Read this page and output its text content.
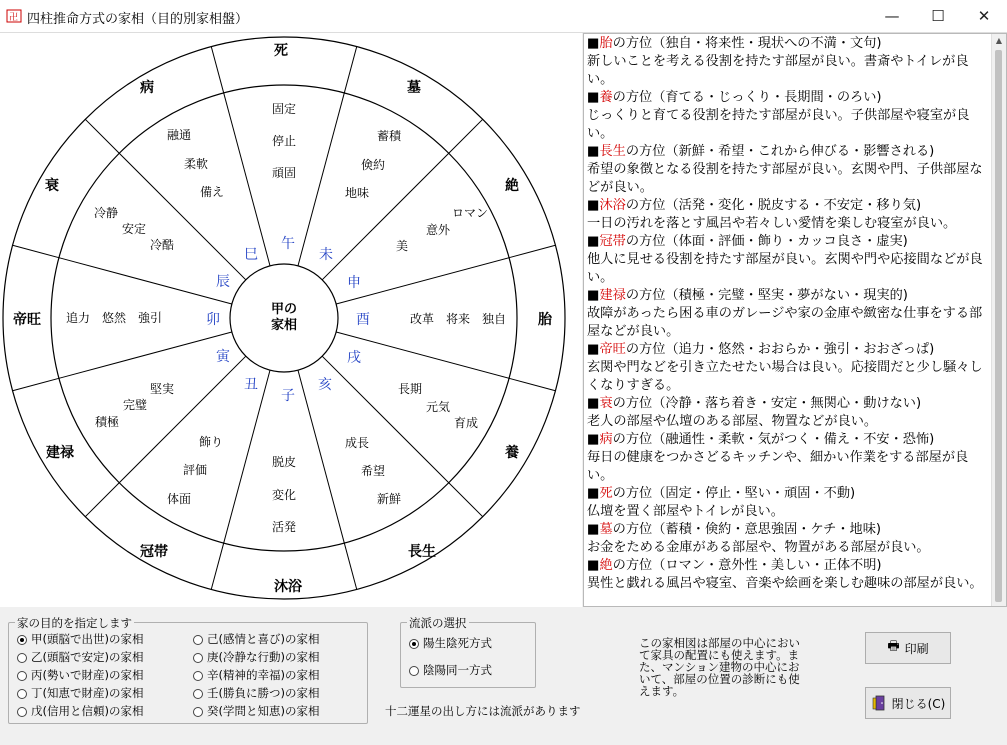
卍 四柱推命方式の家相（目的別家相盤）	—	☐	✕
甲の
家相
死
墓
絶
胎
養
長生
沐浴
冠帯
建禄
帝旺
衰
病
午
未
申
酉
戌
亥
子
丑
寅
卯
辰
巳
固定
停止
頑固
蓄積
倹約
地味
ロマン
意外
美
改革　将来　独自
長期
元気
育成
成長
希望
新鮮
脱皮
変化
活発
飾り
評価
体面
堅実
完璧
積極
追力　悠然　強引
冷静
安定
冷酷
融通
柔軟
備え
■胎の方位（独自・将来性・現状への不満・文句)
新しいことを考える役割を持たす部屋が良い。書斎やトイレが良い。
■養の方位（育てる・じっくり・長期間・のろい)
じっくりと育てる役割を持たす部屋が良い。子供部屋や寝室が良い。
■長生の方位（新鮮・希望・これから伸びる・影響される)
希望の象徴となる役割を持たす部屋が良い。玄関や門、子供部屋などが良い。
■沐浴の方位（活発・変化・脱皮する・不安定・移り気)
一日の汚れを落とす風呂や若々しい愛情を楽しむ寝室が良い。
■冠帯の方位（体面・評価・飾り・カッコ良さ・虚実)
他人に見せる役割を持たす部屋が良い。玄関や門や応接間などが良い。
■建禄の方位（積極・完璧・堅実・夢がない・現実的)
故障があったら困る車のガレージや家の金庫や緻密な仕事をする部屋などが良い。
■帝旺の方位（追力・悠然・おおらか・強引・おおざっぱ)
玄関や門などを引き立たせたい場合は良い。応接間だと少し騒々しくなりすぎる。
■衰の方位（冷静・落ち着き・安定・無関心・動けない)
老人の部屋や仏壇のある部屋、物置などが良い。
■病の方位（融通性・柔軟・気がつく・備え・不安・恐怖)
毎日の健康をつかさどるキッチンや、細かい作業をする部屋が良い。
■死の方位（固定・停止・堅い・頑固・不動)
仏壇を置く部屋やトイレが良い。
■墓の方位（蓄積・倹約・意思強固・ケチ・地味)
お金をためる金庫がある部屋や、物置がある部屋が良い。
■絶の方位（ロマン・意外性・美しい・正体不明)
異性と戯れる風呂や寝室、音楽や絵画を楽しむ趣味の部屋が良い。
▲
家の目的を指定します
甲(頭脳で出世)の家相
乙(頭脳で安定)の家相
丙(勢いで財産)の家相
丁(知恵で財産)の家相
戊(信用と信頼)の家相
己(感情と喜び)の家相
庚(冷静な行動)の家相
辛(精神的幸福)の家相
壬(勝負に勝つ)の家相
癸(学問と知恵)の家相
流派の選択
陽生陰死方式
陰陽同一方式
十二運星の出し方には流派があります
この家相図は部屋の中心において家具の配置にも使えます。また、マンション建物の中心において、部屋の位置の診断にも使えます。
🖶 印刷
閉じる(C)
